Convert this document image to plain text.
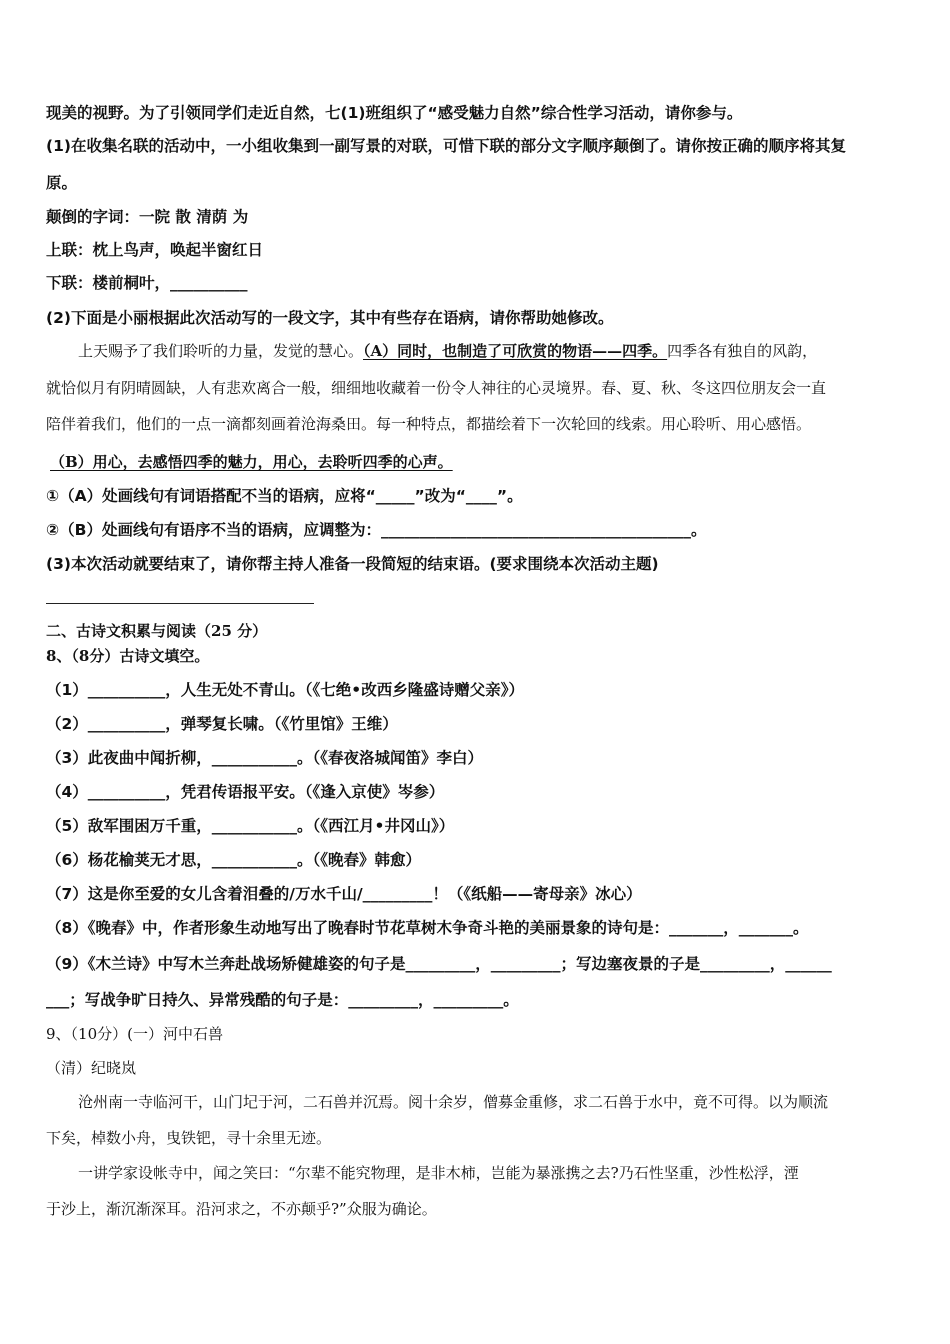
现美的视野。为了引领同学们走近自然，七(1)班组织了“感受魅力自然”综合性学习活动，请你参与。
(1)在收集名联的活动中，一小组收集到一副写景的对联，可惜下联的部分文字顺序颠倒了。请你按正确的顺序将其复
原。
颠倒的字词：一院 散 清荫 为
上联：枕上鸟声，唤起半窗红日
下联：楼前桐叶，__________
(2)下面是小丽根据此次活动写的一段文字，其中有些存在语病，请你帮助她修改。
上天赐予了我们聆听的力量，发觉的慧心。（A）同时，也制造了可欣赏的物语——四季。四季各有独自的风韵，
就恰似月有阴晴圆缺，人有悲欢离合一般，细细地收藏着一份令人神往的心灵境界。春、夏、秋、冬这四位朋友会一直
陪伴着我们，他们的一点一滴都刻画着沧海桑田。每一种特点，都描绘着下一次轮回的线索。用心聆听、用心感悟。
（B）用心，去感悟四季的魅力，用心，去聆听四季的心声。
①（A）处画线句有词语搭配不当的语病，应将“_____”改为“____”。
②（B）处画线句有语序不当的语病，应调整为：________________________________________。
(3)本次活动就要结束了，请你帮主持人准备一段简短的结束语。(要求围绕本次活动主题)
二、古诗文积累与阅读（25 分）
8、（8分）古诗文填空。
（1）__________，人生无处不青山。（《七绝•改西乡隆盛诗赠父亲》）
（2）__________，弹琴复长啸。（《竹里馆》王维）
（3）此夜曲中闻折柳，___________。（《春夜洛城闻笛》李白）
（4）__________，凭君传语报平安。（《逢入京使》岑参）
（5）敌军围困万千重，___________。（《西江月•井冈山》）
（6）杨花榆荚无才思，___________。（《晚春》韩愈）
（7）这是你至爱的女儿含着泪叠的/万水千山/_________！（《纸船——寄母亲》冰心）
（8）《晚春》中，作者形象生动地写出了晚春时节花草树木争奇斗艳的美丽景象的诗句是：_______，_______。
（9）《木兰诗》中写木兰奔赴战场矫健雄姿的句子是_________，_________；写边塞夜景的子是_________，______
___；写战争旷日持久、异常残酷的句子是：_________，_________。
9、（10分）(一）河中石兽
（清）纪晓岚
沧州南一寺临河干，山门圮于河，二石兽并沉焉。阅十余岁，僧募金重修，求二石兽于水中，竟不可得。以为顺流
下矣，棹数小舟，曳铁钯，寻十余里无迹。
一讲学家设帐寺中，闻之笑曰：“尔辈不能究物理，是非木柿，岂能为暴涨携之去?乃石性坚重，沙性松浮，湮
于沙上，渐沉渐深耳。沿河求之，不亦颠乎?”众服为确论。
